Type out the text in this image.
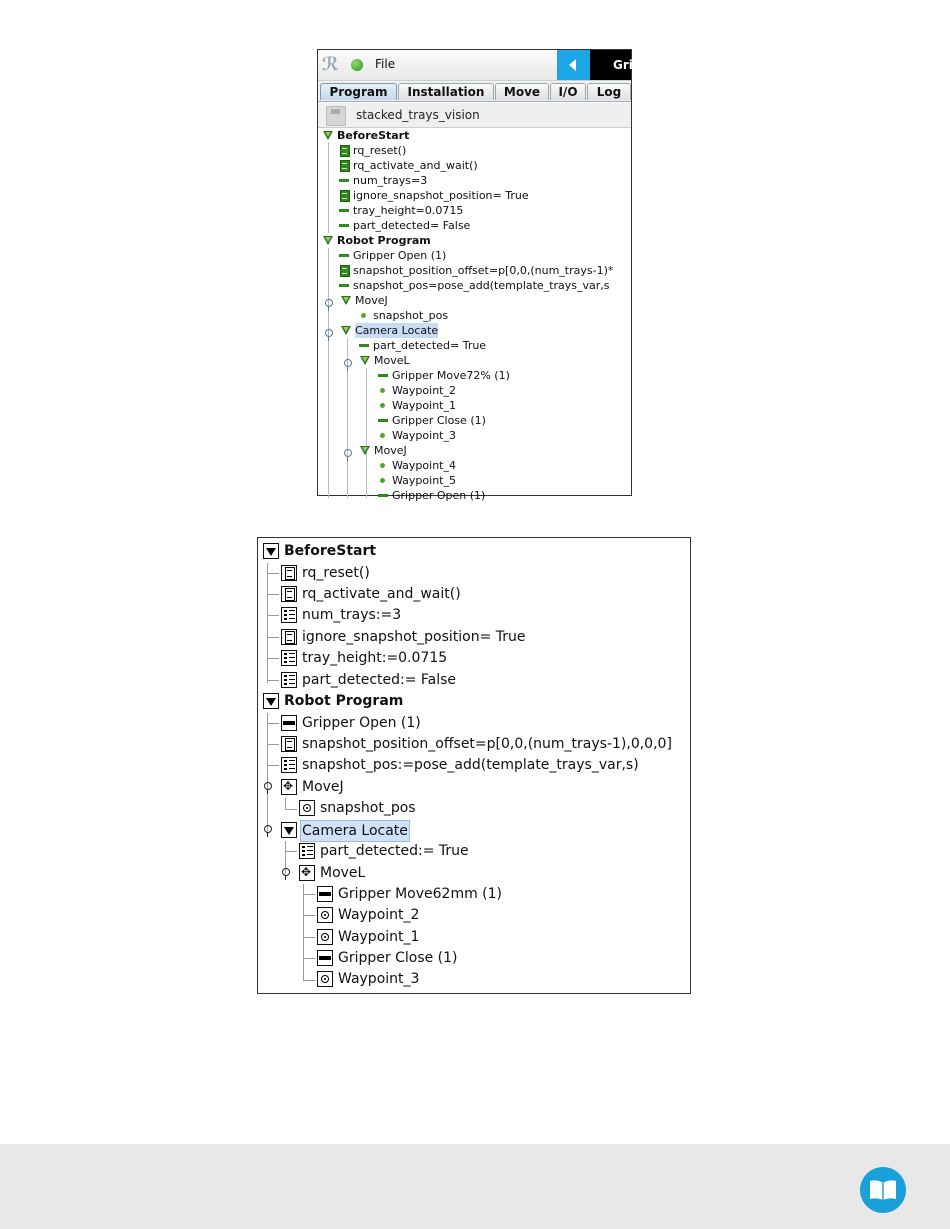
ℛ	File	Gri
Program	Installation	Move	I/O	Log
stacked_trays_vision
BeforeStart
rq_reset()
rq_activate_and_wait()
num_trays=3
ignore_snapshot_position= True
tray_height=0.0715
part_detected= False
Robot Program
Gripper Open (1)
snapshot_position_offset=p[0,0,(num_trays-1)*
snapshot_pos=pose_add(template_trays_var,s
MoveJ
snapshot_pos
Camera Locate
part_detected= True
MoveL
Gripper Move72% (1)
Waypoint_2
Waypoint_1
Gripper Close (1)
Waypoint_3
MoveJ
Waypoint_4
Waypoint_5
Gripper Open (1)
BeforeStart
rq_reset()
rq_activate_and_wait()
num_trays:=3
ignore_snapshot_position= True
tray_height:=0.0715
part_detected:= False
Robot Program
Gripper Open (1)
snapshot_position_offset=p[0,0,(num_trays-1),0,0,0]
snapshot_pos:=pose_add(template_trays_var,s)
✥MoveJ
snapshot_pos
Camera Locate
part_detected:= True
✥MoveL
Gripper Move62mm (1)
Waypoint_2
Waypoint_1
Gripper Close (1)
Waypoint_3
